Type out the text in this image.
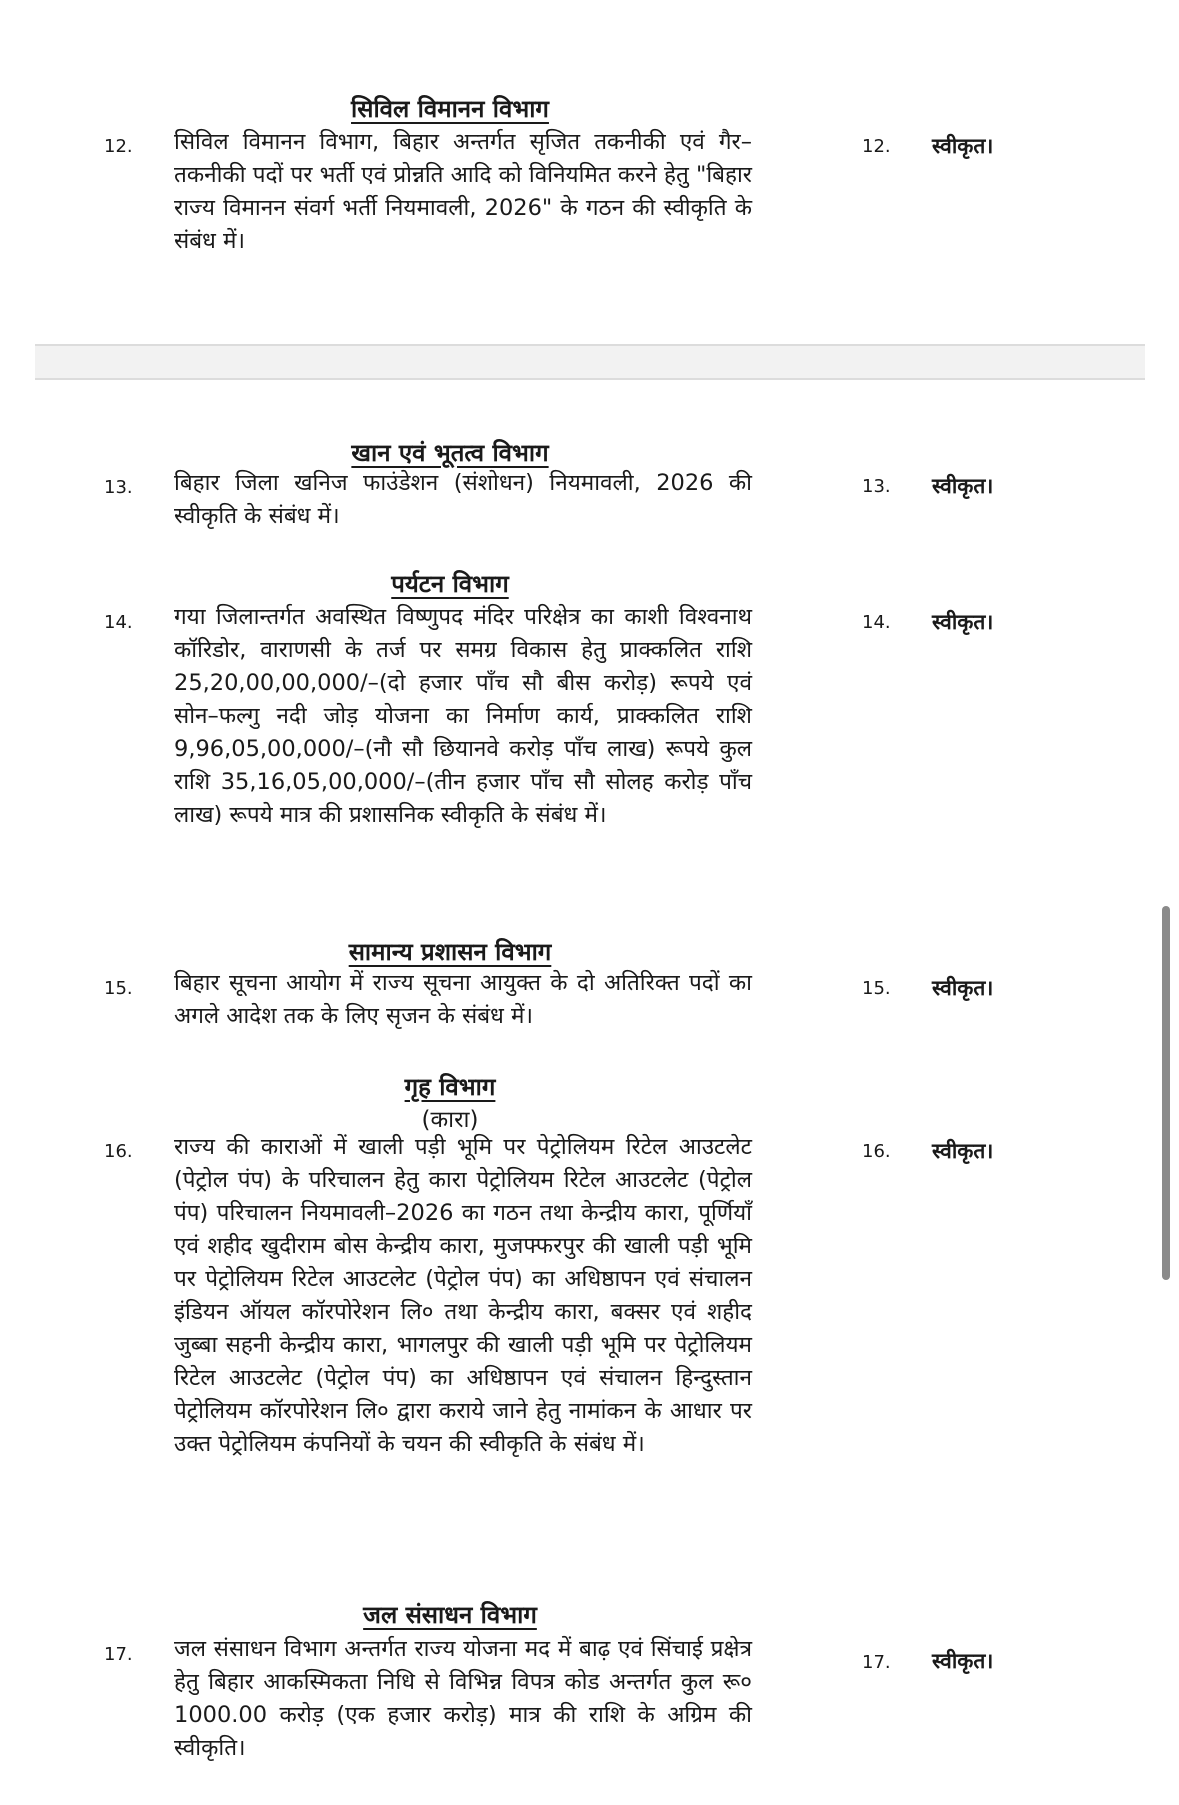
सिविल विमानन विभाग
12. सिविल विमानन विभाग, बिहार अन्तर्गत सृजित तकनीकी एवं गैर–तकनीकी पदों पर भर्ती एवं प्रोन्नति आदि को विनियमित करने हेतु "बिहार राज्य विमानन संवर्ग भर्ती नियमावली, 2026" के गठन की स्वीकृति के संबंध में।
12. स्वीकृत।
खान एवं भूतत्व विभाग
13. बिहार जिला खनिज फाउंडेशन (संशोधन) नियमावली, 2026 की स्वीकृति के संबंध में।
13. स्वीकृत।
पर्यटन विभाग
14. गया जिलान्तर्गत अवस्थित विष्णुपद मंदिर परिक्षेत्र का काशी विश्वनाथ कॉरिडोर, वाराणसी के तर्ज पर समग्र विकास हेतु प्राक्कलित राशि 25,20,00,00,000/–(दो हजार पाँच सौ बीस करोड़) रूपये एवं सोन–फल्गु नदी जोड़ योजना का निर्माण कार्य, प्राक्कलित राशि 9,96,05,00,000/–(नौ सौ छियानवे करोड़ पाँच लाख) रूपये कुल राशि 35,16,05,00,000/–(तीन हजार पाँच सौ सोलह करोड़ पाँच लाख) रूपये मात्र की प्रशासनिक स्वीकृति के संबंध में।
14. स्वीकृत।
सामान्य प्रशासन विभाग
15. बिहार सूचना आयोग में राज्य सूचना आयुक्त के दो अतिरिक्त पदों का अगले आदेश तक के लिए सृजन के संबंध में।
15. स्वीकृत।
गृह विभाग
(कारा)
16. राज्य की काराओं में खाली पड़ी भूमि पर पेट्रोलियम रिटेल आउटलेट (पेट्रोल पंप) के परिचालन हेतु कारा पेट्रोलियम रिटेल आउटलेट (पेट्रोल पंप) परिचालन नियमावली–2026 का गठन तथा केन्द्रीय कारा, पूर्णियाँ एवं शहीद खुदीराम बोस केन्द्रीय कारा, मुजफ्फरपुर की खाली पड़ी भूमि पर पेट्रोलियम रिटेल आउटलेट (पेट्रोल पंप) का अधिष्ठापन एवं संचालन इंडियन ऑयल कॉरपोरेशन लि० तथा केन्द्रीय कारा, बक्सर एवं शहीद जुब्बा सहनी केन्द्रीय कारा, भागलपुर की खाली पड़ी भूमि पर पेट्रोलियम रिटेल आउटलेट (पेट्रोल पंप) का अधिष्ठापन एवं संचालन हिन्दुस्तान पेट्रोलियम कॉरपोरेशन लि० द्वारा कराये जाने हेतु नामांकन के आधार पर उक्त पेट्रोलियम कंपनियों के चयन की स्वीकृति के संबंध में।
16. स्वीकृत।
जल संसाधन विभाग
17. जल संसाधन विभाग अन्तर्गत राज्य योजना मद में बाढ़ एवं सिंचाई प्रक्षेत्र हेतु बिहार आकस्मिकता निधि से विभिन्न विपत्र कोड अन्तर्गत कुल रू० 1000.00 करोड़ (एक हजार करोड़) मात्र की राशि के अग्रिम की स्वीकृति।
17. स्वीकृत।
